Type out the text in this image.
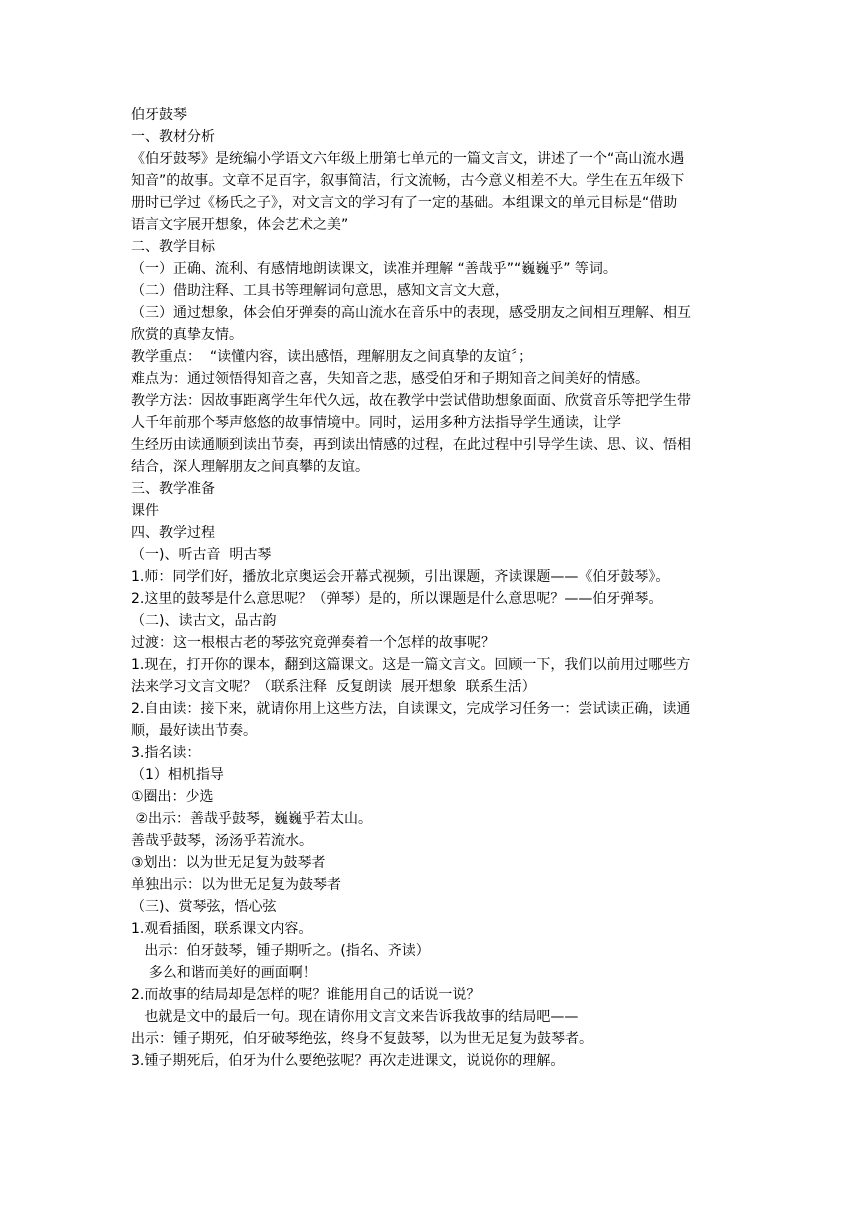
伯牙鼓琴
一、教材分析
《伯牙鼓琴》是统编小学语文六年级上册第七单元的一篇文言文，讲述了一个“高山流水遇
知音”的故事。文章不足百字，叙事简洁，行文流畅，古今意义相差不大。学生在五年级下
册时已学过《杨氏之子》，对文言文的学习有了一定的基础。本组课文的单元目标是“借助
语言文字展开想象，体会艺术之美”
二、教学目标
（一）正确、流利、有感情地朗读课文，读准并理解 “善哉乎”“巍巍乎” 等词。
（二）借助注释、工具书等理解词句意思，感知文言文大意，
（三）通过想象，体会伯牙弹奏的高山流水在音乐中的表现，感受朋友之间相互理解、相互
欣赏的真挚友情。
教学重点：  “读懂内容，读出感悟，理解朋友之间真挚的友谊〞；
难点为：通过领悟得知音之喜，失知音之悲，感受伯牙和子期知音之间美好的情感。
教学方法：因故事距离学生年代久远，故在教学中尝试借助想象面面、欣赏音乐等把学生带
人千年前那个琴声悠悠的故事情境中。同时，运用多种方法指导学生通读，让学
生经历由读通顺到读出节奏，再到读出情感的过程，在此过程中引导学生读、思、议、悟相
结合，深人理解朋友之间真攀的友谊。
三、教学准备
课件
四、教学过程
（一)、听古音  明古琴
1.师：同学们好，播放北京奥运会开幕式视频，引出课题，齐读课题——《伯牙鼓琴》。
2.这里的鼓琴是什么意思呢？（弹琴）是的，所以课题是什么意思呢？——伯牙弹琴。
（二)、读古文，品古韵
过渡：这一根根古老的琴弦究竟弹奏着一个怎样的故事呢？
1.现在，打开你的课本，翻到这篇课文。这是一篇文言文。回顾一下，我们以前用过哪些方
法来学习文言文呢？（联系注释  反复朗读  展开想象  联系生活）
2.自由读：接下来，就请你用上这些方法，自读课文，完成学习任务一：尝试读正确，读通
顺，最好读出节奏。
3.指名读：
（1）相机指导
①圈出：少选
②出示：善哉乎鼓琴，巍巍乎若太山。
善哉乎鼓琴，汤汤乎若流水。
③划出：以为世无足复为鼓琴者
单独出示：以为世无足复为鼓琴者
（三)、赏琴弦，悟心弦
1.观看插图，联系课文内容。
出示：伯牙鼓琴，锺子期听之。(指名、齐读）
多么和谐而美好的画面啊！
2.而故事的结局却是怎样的呢？谁能用自己的话说一说？
也就是文中的最后一句。现在请你用文言文来告诉我故事的结局吧——
出示：锺子期死，伯牙破琴绝弦，终身不复鼓琴，以为世无足复为鼓琴者。
3.锺子期死后，伯牙为什么要绝弦呢？再次走进课文，说说你的理解。
